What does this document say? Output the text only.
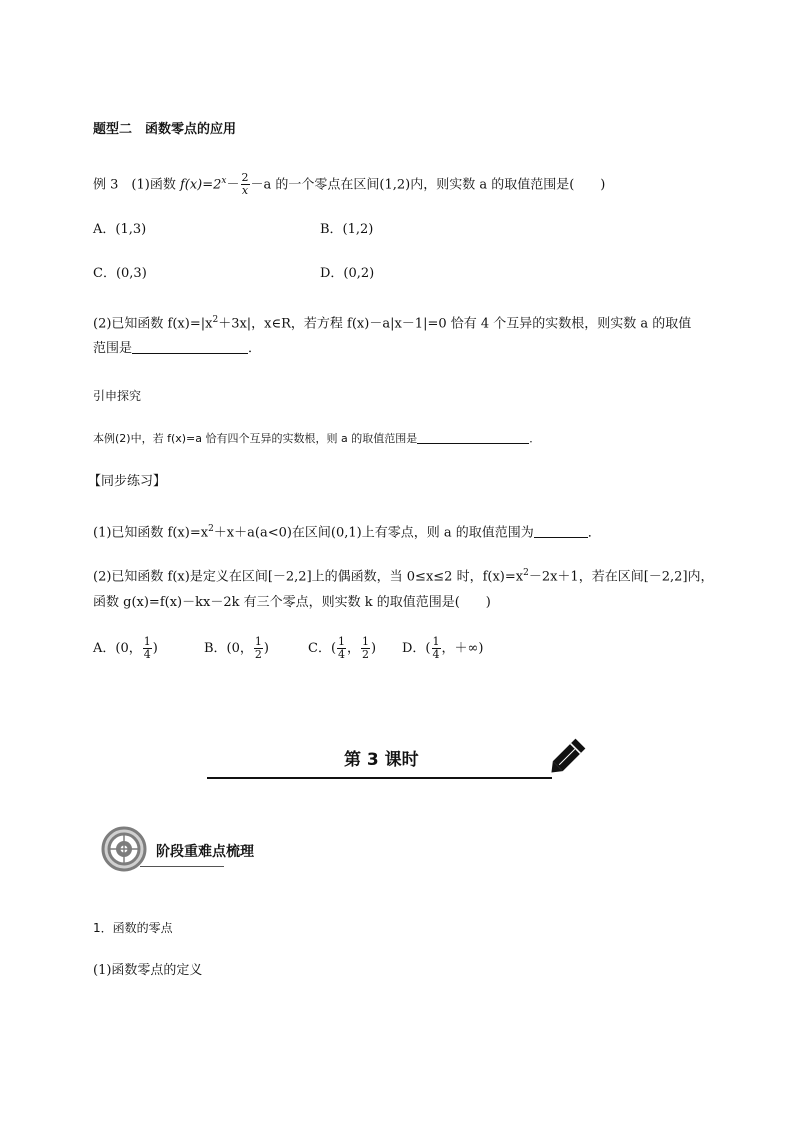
题型二　函数零点的应用
例 3　(1)函数 $f(x)=2^x- \frac{2}{x} -a$ 的一个零点在区间(1,2)内，则实数 a 的取值范围是(　　)
A．(1,3)	B．(1,2)
C．(0,3)	D．(0,2)
(2)已知函数 $f(x)=|x^2+3x|$，x∈R，若方程 f(x)－a|x－1|=0 恰有 4 个互异的实数根，则实数 a 的取值
范围是	．
引申探究
本例(2)中，若 f(x)=a 恰有四个互异的实数根，则 a 的取值范围是	．
【同步练习】
(1)已知函数 $f(x)=x^2+x+a(a<0)$在区间(0,1)上有零点，则 a 的取值范围为	．
(2)已知函数 f(x)是定义在区间[－2,2]上的偶函数，当 0≤x≤2 时，$f(x)=x^2-2x+1$，若在区间[－2,2]内，
函数 g(x)=f(x)－kx－2k 有三个零点，则实数 k 的取值范围是(　　)
A．(0， $\frac{1}{4}$ )	B．(0， $\frac{1}{2}$ )	C．( $\frac{1}{4}$ ， $\frac{1}{2}$ ) D．( $\frac{1}{4}$ ，＋∞)
第 3 课时
阶段重难点梳理
1．函数的零点
(1)函数零点的定义
